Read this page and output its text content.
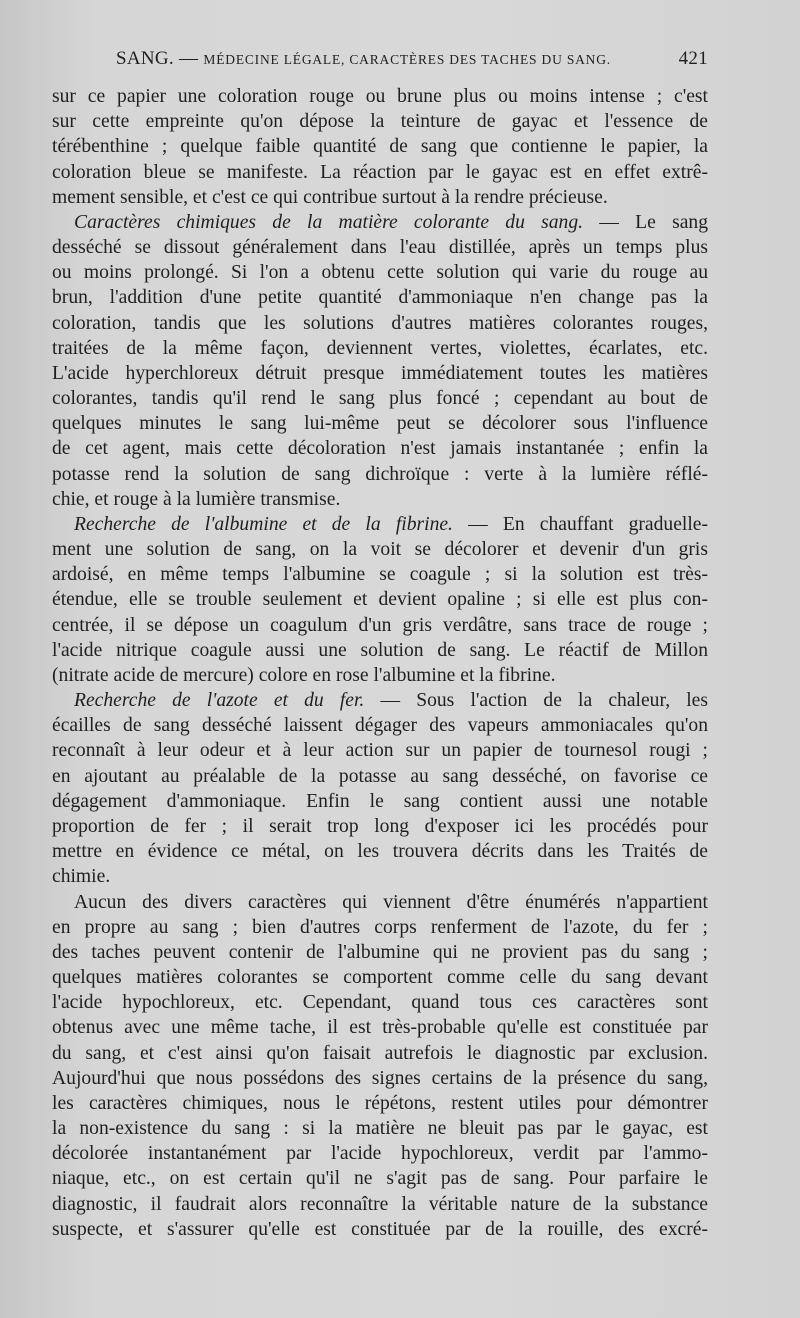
SANG. — MÉDECINE LÉGALE, CARACTÈRES DES TACHES DU SANG.	421
sur ce papier une coloration rouge ou brune plus ou moins intense ; c'est
sur cette empreinte qu'on dépose la teinture de gayac et l'essence de
térébenthine ; quelque faible quantité de sang que contienne le papier, la
coloration bleue se manifeste. La réaction par le gayac est en effet extrê-
mement sensible, et c'est ce qui contribue surtout à la rendre précieuse.
Caractères chimiques de la matière colorante du sang. — Le sang
desséché se dissout généralement dans l'eau distillée, après un temps plus
ou moins prolongé. Si l'on a obtenu cette solution qui varie du rouge au
brun, l'addition d'une petite quantité d'ammoniaque n'en change pas la
coloration, tandis que les solutions d'autres matières colorantes rouges,
traitées de la même façon, deviennent vertes, violettes, écarlates, etc.
L'acide hyperchloreux détruit presque immédiatement toutes les matières
colorantes, tandis qu'il rend le sang plus foncé ; cependant au bout de
quelques minutes le sang lui-même peut se décolorer sous l'influence
de cet agent, mais cette décoloration n'est jamais instantanée ; enfin la
potasse rend la solution de sang dichroïque : verte à la lumière réflé-
chie, et rouge à la lumière transmise.
Recherche de l'albumine et de la fibrine. — En chauffant graduelle-
ment une solution de sang, on la voit se décolorer et devenir d'un gris
ardoisé, en même temps l'albumine se coagule ; si la solution est très-
étendue, elle se trouble seulement et devient opaline ; si elle est plus con-
centrée, il se dépose un coagulum d'un gris verdâtre, sans trace de rouge ;
l'acide nitrique coagule aussi une solution de sang. Le réactif de Millon
(nitrate acide de mercure) colore en rose l'albumine et la fibrine.
Recherche de l'azote et du fer. — Sous l'action de la chaleur, les
écailles de sang desséché laissent dégager des vapeurs ammoniacales qu'on
reconnaît à leur odeur et à leur action sur un papier de tournesol rougi ;
en ajoutant au préalable de la potasse au sang desséché, on favorise ce
dégagement d'ammoniaque. Enfin le sang contient aussi une notable
proportion de fer ; il serait trop long d'exposer ici les procédés pour
mettre en évidence ce métal, on les trouvera décrits dans les Traités de
chimie.
Aucun des divers caractères qui viennent d'être énumérés n'appartient
en propre au sang ; bien d'autres corps renferment de l'azote, du fer ;
des taches peuvent contenir de l'albumine qui ne provient pas du sang ;
quelques matières colorantes se comportent comme celle du sang devant
l'acide hypochloreux, etc. Cependant, quand tous ces caractères sont
obtenus avec une même tache, il est très-probable qu'elle est constituée par
du sang, et c'est ainsi qu'on faisait autrefois le diagnostic par exclusion.
Aujourd'hui que nous possédons des signes certains de la présence du sang,
les caractères chimiques, nous le répétons, restent utiles pour démontrer
la non-existence du sang : si la matière ne bleuit pas par le gayac, est
décolorée instantanément par l'acide hypochloreux, verdit par l'ammo-
niaque, etc., on est certain qu'il ne s'agit pas de sang. Pour parfaire le
diagnostic, il faudrait alors reconnaître la véritable nature de la substance
suspecte, et s'assurer qu'elle est constituée par de la rouille, des excré-
